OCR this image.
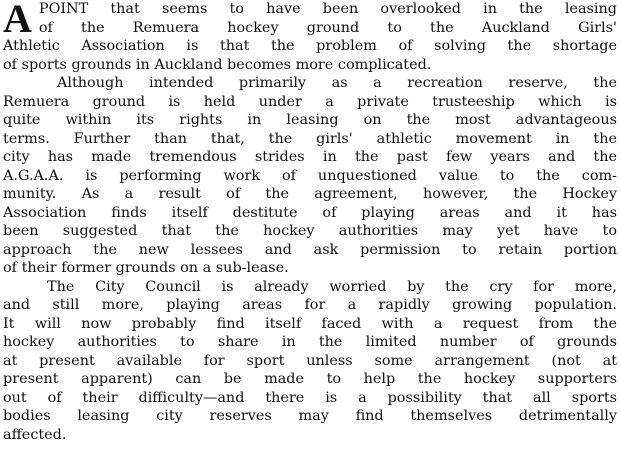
A POINT that seems to have been overlooked in the leasing
of the Remuera hockey ground to the Auckland Girls'
Athletic Association is that the problem of solving the shortage
of sports grounds in Auckland becomes more complicated.
Although intended primarily as a recreation reserve, the
Remuera ground is held under a private trusteeship which is
quite within its rights in leasing on the most advantageous
terms. Further than that, the girls' athletic movement in the
city has made tremendous strides in the past few years and the
A.G.A.A. is performing work of unquestioned value to the com-
munity. As a result of the agreement, however, the Hockey
Association finds itself destitute of playing areas and it has
been suggested that the hockey authorities may yet have to
approach the new lessees and ask permission to retain portion
of their former grounds on a sub-lease.
The City Council is already worried by the cry for more,
and still more, playing areas for a rapidly growing population.
It will now probably find itself faced with a request from the
hockey authorities to share in the limited number of grounds
at present available for sport unless some arrangement (not at
present apparent) can be made to help the hockey supporters
out of their difficulty—and there is a possibility that all sports
bodies leasing city reserves may find themselves detrimentally
affected.
